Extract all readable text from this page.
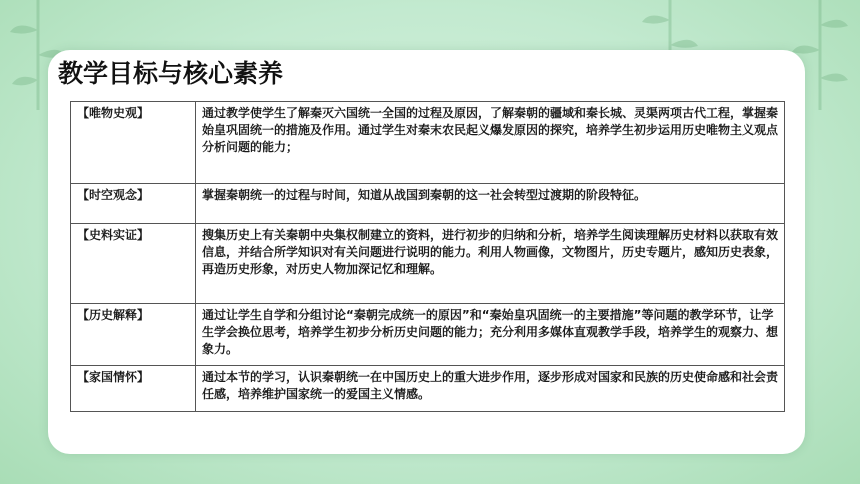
教学目标与核心素养
【唯物史观】	通过教学使学生了解秦灭六国统一全国的过程及原因，了解秦朝的疆域和秦长城、灵渠两项古代工程，掌握秦始皇巩固统一的措施及作用。通过学生对秦末农民起义爆发原因的探究，培养学生初步运用历史唯物主义观点分析问题的能力；
【时空观念】	掌握秦朝统一的过程与时间，知道从战国到秦朝的这一社会转型过渡期的阶段特征。
【史料实证】	搜集历史上有关秦朝中央集权制建立的资料，进行初步的归纳和分析，培养学生阅读理解历史材料以获取有效信息，并结合所学知识对有关问题进行说明的能力。利用人物画像，文物图片，历史专题片，感知历史表象，再造历史形象，对历史人物加深记忆和理解。
【历史解释】	通过让学生自学和分组讨论“秦朝完成统一的原因”和“秦始皇巩固统一的主要措施”等问题的教学环节，让学生学会换位思考，培养学生初步分析历史问题的能力；充分利用多媒体直观教学手段，培养学生的观察力、想象力。
【家国情怀】	通过本节的学习，认识秦朝统一在中国历史上的重大进步作用，逐步形成对国家和民族的历史使命感和社会责任感，培养维护国家统一的爱国主义情感。
